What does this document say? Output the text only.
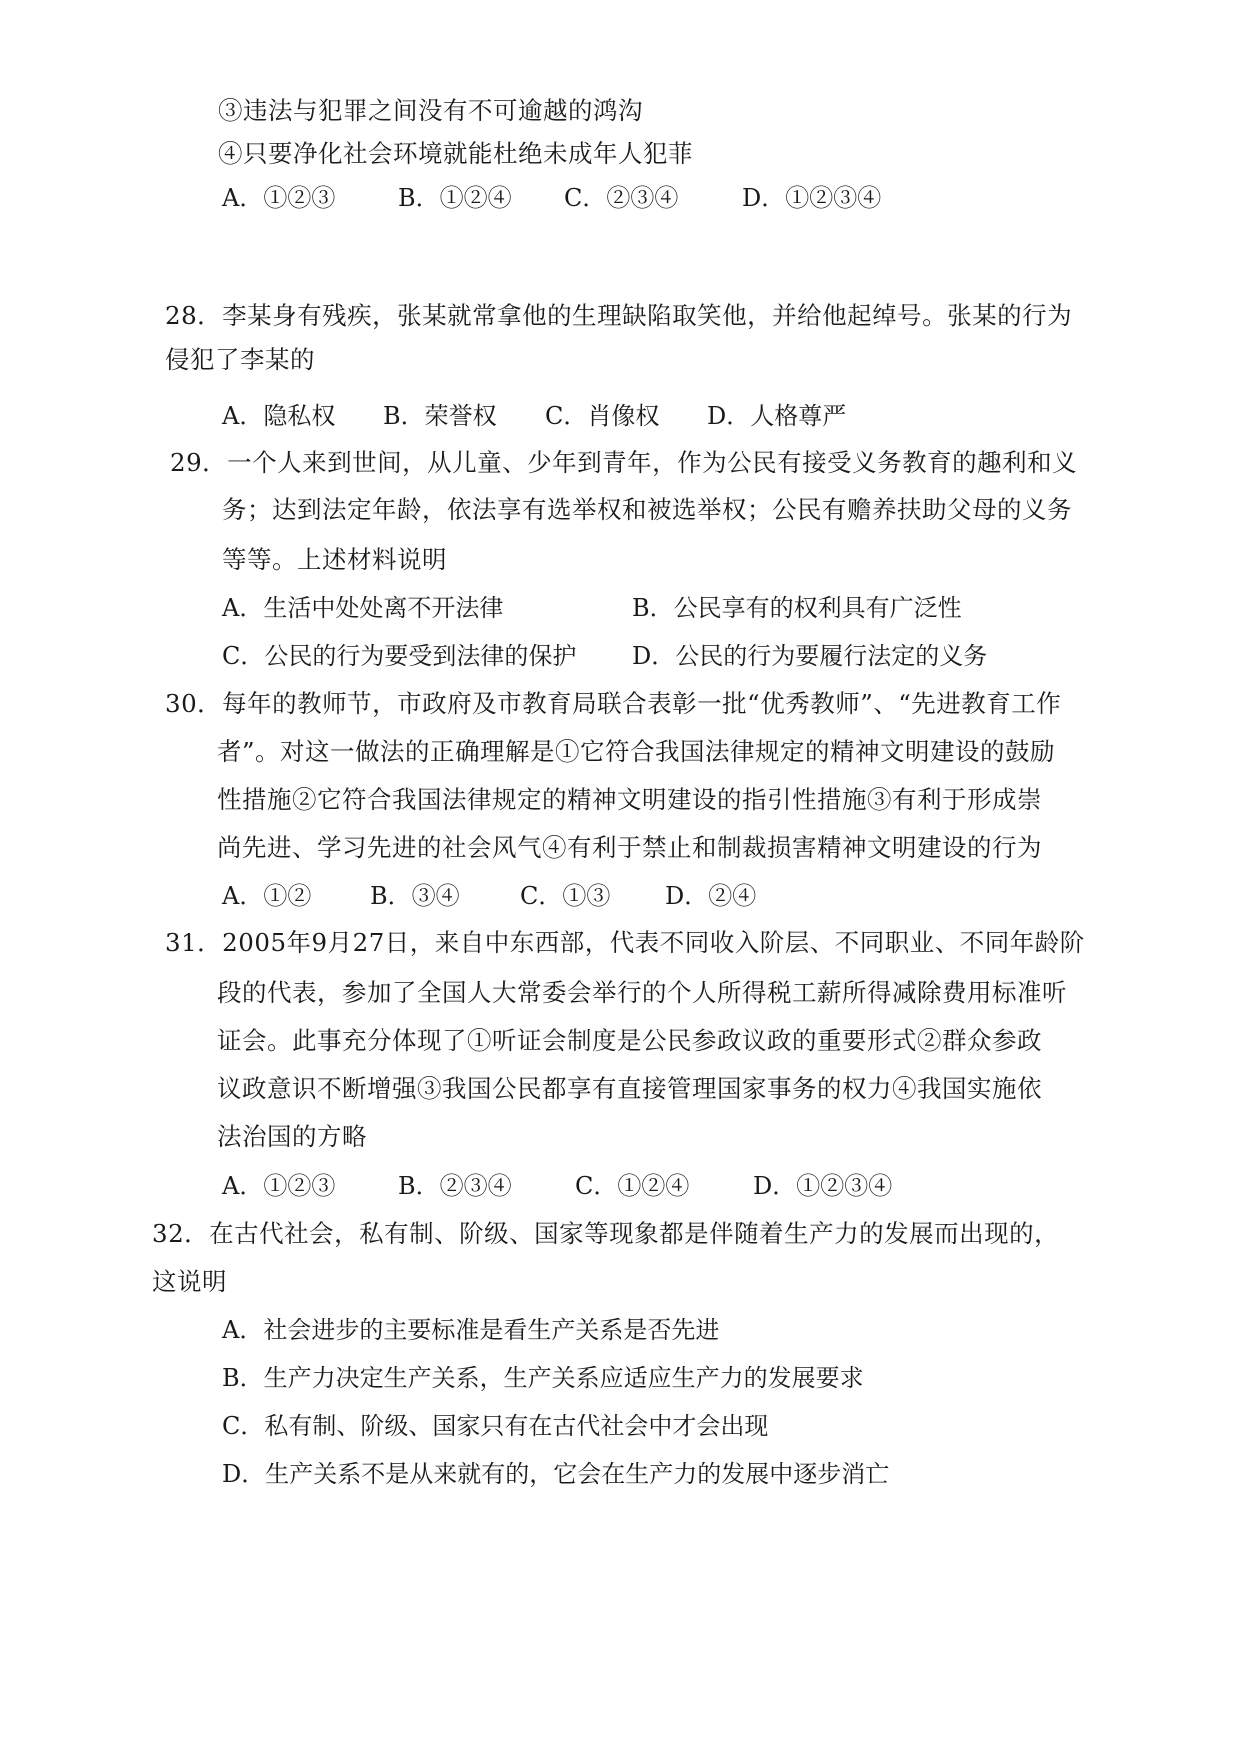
③违法与犯罪之间没有不可逾越的鸿沟
④只要净化社会环境就能杜绝未成年人犯菲
A．①②③	B．①②④ C．②③④	D．①②③④
28．李某身有残疾，张某就常拿他的生理缺陷取笑他，并给他起绰号。张某的行为
侵犯了李某的
A．隐私权 B．荣誉权 C．肖像权 D．人格尊严
29．一个人来到世间，从儿童、少年到青年，作为公民有接受义务教育的趣利和义
务；达到法定年龄，依法享有选举权和被选举权；公民有赡养扶助父母的义务
等等。上述材料说明
A．生活中处处离不开法律	B．公民享有的权利具有广泛性
C．公民的行为要受到法律的保护 D．公民的行为要履行法定的义务
30．每年的教师节，市政府及市教育局联合表彰一批“优秀教师”、“先进教育工作
者”。对这一做法的正确理解是①它符合我国法律规定的精神文明建设的鼓励
性措施②它符合我国法律规定的精神文明建设的指引性措施③有利于形成崇
尚先进、学习先进的社会风气④有利于禁止和制裁损害精神文明建设的行为
A．①② B．③④	C．①③ D．②④
31．2005年9月27日，来自中东西部，代表不同收入阶层、不同职业、不同年龄阶
段的代表，参加了全国人大常委会举行的个人所得税工薪所得减除费用标准听
证会。此事充分体现了①听证会制度是公民参政议政的重要形式②群众参政
议政意识不断增强③我国公民都享有直接管理国家事务的权力④我国实施依
法治国的方略
A．①②③	B．②③④	C．①②④	D．①②③④
32．在古代社会，私有制、阶级、国家等现象都是伴随着生产力的发展而出现的，
这说明
A．社会进步的主要标准是看生产关系是否先进
B．生产力决定生产关系，生产关系应适应生产力的发展要求
C．私有制、阶级、国家只有在古代社会中才会出现
D．生产关系不是从来就有的，它会在生产力的发展中逐步消亡
